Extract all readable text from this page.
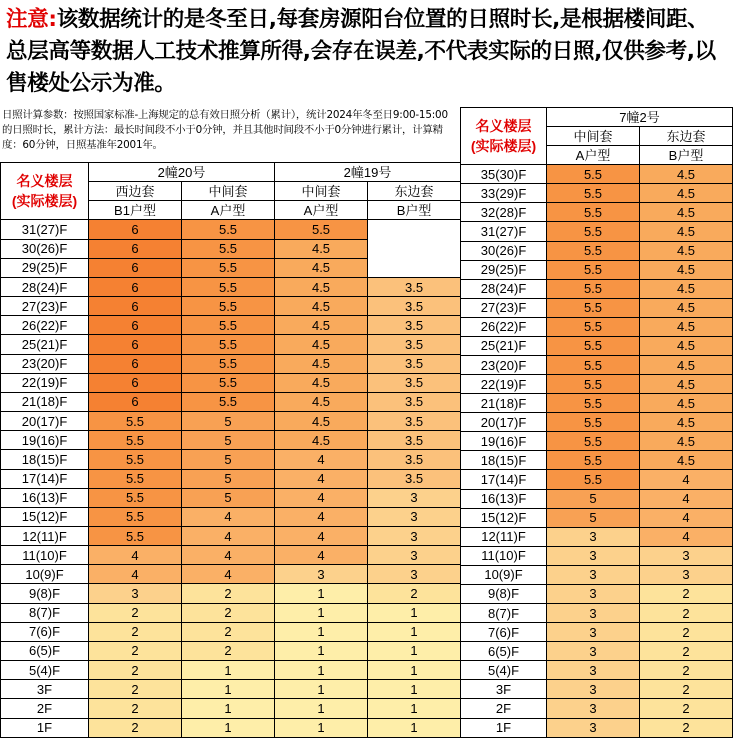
注意:该数据统计的是冬至日,每套房源阳台位置的日照时长,是根据楼间距、总层高等数据人工技术推算所得,会存在误差,不代表实际的日照,仅供参考,以售楼处公示为准。
日照计算参数：按照国家标准-上海规定的总有效日照分析（累计），统计2024年冬至日9:00-15:00的日照时长，累计方法：最长时间段不小于0分钟，并且其他时间段不小于0分钟进行累计，计算精度：60分钟，日照基准年2001年。
名义楼层
(实际楼层)	2幢20号		2幢19号	
	西边套	中间套	中间套	东边套
	B1户型	A户型	A户型	B户型
31(27)F	6	5.5	5.5	
30(26)F	6	5.5	4.5	
29(25)F	6	5.5	4.5	
28(24)F	6	5.5	4.5	3.5
27(23)F	6	5.5	4.5	3.5
26(22)F	6	5.5	4.5	3.5
25(21)F	6	5.5	4.5	3.5
23(20)F	6	5.5	4.5	3.5
22(19)F	6	5.5	4.5	3.5
21(18)F	6	5.5	4.5	3.5
20(17)F	5.5	5	4.5	3.5
19(16)F	5.5	5	4.5	3.5
18(15)F	5.5	5	4	3.5
17(14)F	5.5	5	4	3.5
16(13)F	5.5	5	4	3
15(12)F	5.5	4	4	3
12(11)F	5.5	4	4	3
11(10)F	4	4	4	3
10(9)F	4	4	3	3
9(8)F	3	2	1	2
8(7)F	2	2	1	1
7(6)F	2	2	1	1
6(5)F	2	2	1	1
5(4)F	2	1	1	1
3F	2	1	1	1
2F	2	1	1	1
1F	2	1	1	1
名义楼层
(实际楼层)	7幢2号	
	中间套	东边套
	A户型	B户型
35(30)F	5.5	4.5
33(29)F	5.5	4.5
32(28)F	5.5	4.5
31(27)F	5.5	4.5
30(26)F	5.5	4.5
29(25)F	5.5	4.5
28(24)F	5.5	4.5
27(23)F	5.5	4.5
26(22)F	5.5	4.5
25(21)F	5.5	4.5
23(20)F	5.5	4.5
22(19)F	5.5	4.5
21(18)F	5.5	4.5
20(17)F	5.5	4.5
19(16)F	5.5	4.5
18(15)F	5.5	4.5
17(14)F	5.5	4
16(13)F	5	4
15(12)F	5	4
12(11)F	3	4
11(10)F	3	3
10(9)F	3	3
9(8)F	3	2
8(7)F	3	2
7(6)F	3	2
6(5)F	3	2
5(4)F	3	2
3F	3	2
2F	3	2
1F	3	2
